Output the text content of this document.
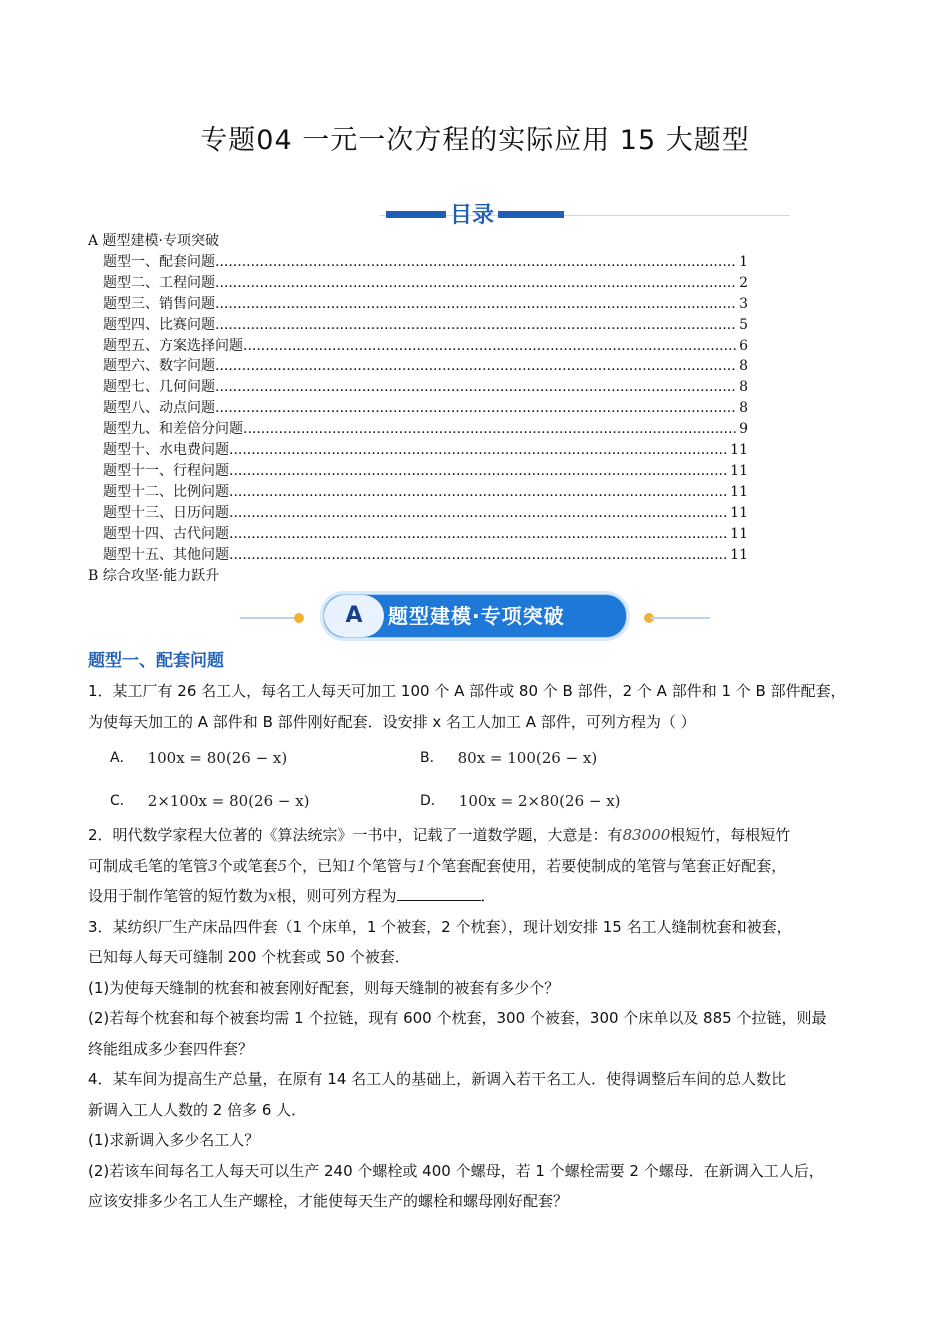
专题04 一元一次方程的实际应用 15 大题型
目录
A 题型建模·专项突破
题型一、配套问题 .....	1
题型二、工程问题 .....	2
题型三、销售问题 .....	3
题型四、比赛问题 .....	5
题型五、方案选择问题 .....	6
题型六、数字问题 .....	8
题型七、几何问题 .....	8
题型八、动点问题 .....	8
题型九、和差倍分问题 .....	9
题型十、水电费问题 .....	11
题型十一、行程问题 .....	11
题型十二、比例问题 .....	11
题型十三、日历问题 .....	11
题型十四、古代问题 .....	11
题型十五、其他问题 .....	11
B 综合攻坚·能力跃升
A	题型建模·专项突破
题型一、配套问题

1．某工厂有 26 名工人，每名工人每天可加工 100 个 A 部件或 80 个 B 部件，2 个 A 部件和 1 个 B 部件配套，

为使每天加工的 A 部件和 B 部件刚好配套．设安排 x 名工人加工 A 部件，可列方程为（ ）

A． 100x = 80(26 − x)	B． 80x = 100(26 − x)
C． 2×100x = 80(26 − x)	D． 100x = 2×80(26 − x)

2．明代数学家程大位著的《算法统宗》一书中，记载了一道数学题，大意是：有83000根短竹，每根短竹

可制成毛笔的笔管3个或笔套5个，已知1个笔管与1个笔套配套使用，若要使制成的笔管与笔套正好配套，

设用于制作笔管的短竹数为x根，则可列方程为	．

3．某纺织厂生产床品四件套（1 个床单，1 个被套，2 个枕套），现计划安排 15 名工人缝制枕套和被套，

已知每人每天可缝制 200 个枕套或 50 个被套．

(1)为使每天缝制的枕套和被套刚好配套，则每天缝制的被套有多少个？

(2)若每个枕套和每个被套均需 1 个拉链，现有 600 个枕套，300 个被套，300 个床单以及 885 个拉链，则最

终能组成多少套四件套？

4．某车间为提高生产总量，在原有 14 名工人的基础上，新调入若干名工人．使得调整后车间的总人数比

新调入工人人数的 2 倍多 6 人．

(1)求新调入多少名工人？

(2)若该车间每名工人每天可以生产 240 个螺栓或 400 个螺母，若 1 个螺栓需要 2 个螺母．在新调入工人后，

应该安排多少名工人生产螺栓，才能使每天生产的螺栓和螺母刚好配套？
